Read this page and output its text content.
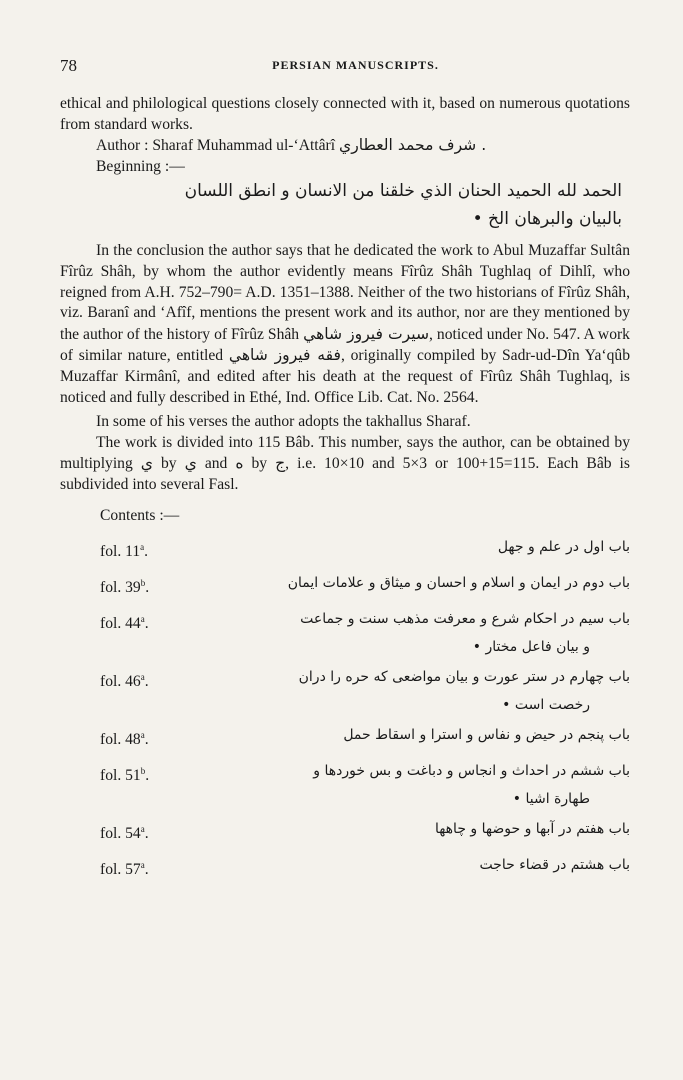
78	PERSIAN MANUSCRIPTS.

ethical and philological questions closely connected with it, based on numerous quotations from standard works.

Author : Sharaf Muhammad ul-‘Attârî شرف محمد العطاري .

Beginning :—

الحمد لله الحميد الحنان الذي خلقنا من الانسان و انطق اللسان
بالبيان والبرهان الخ •

In the conclusion the author says that he dedicated the work to Abul Muzaffar Sultân Fîrûz Shâh, by whom the author evidently means Fîrûz Shâh Tughlaq of Dihlî, who reigned from A.H. 752–790= A.D. 1351–1388. Neither of the two historians of Fîrûz Shâh, viz. Baranî and ‘Afîf, mentions the present work and its author, nor are they mentioned by the author of the history of Fîrûz Shâh سيرت فيروز شاهي, noticed under No. 547. A work of similar nature, entitled فقه فيروز شاهي, originally compiled by Sadr-ud-Dîn Ya‘qûb Muzaffar Kirmânî, and edited after his death at the request of Fîrûz Shâh Tughlaq, is noticed and fully described in Ethé, Ind. Office Lib. Cat. No. 2564.

In some of his verses the author adopts the takhallus Sharaf.

The work is divided into 115 Bâb. This number, says the author, can be obtained by multiplying ي by ي and ه by ج, i.e. 10×10 and 5×3 or 100+15=115. Each Bâb is subdivided into several Fasl.

Contents :—
fol. 11$^a$.	باب اول در علم و جهل
fol. 39$^b$.	باب دوم در ایمان و اسلام و احسان و میثاق و علامات ایمان
fol. 44$^a$.	باب سیم در احکام شرع و معرفت مذهب سنت و جماعت
و بیان فاعل مختار •
fol. 46$^a$.	باب چهارم در ستر عورت و بیان مواضعی که حره را دران
رخصت است •
fol. 48$^a$.	باب پنجم در حیض و نفاس و استرا و اسقاط حمل
fol. 51$^b$.	باب ششم در احداث و انجاس و دباغت و بس خوردها و
طهارة اشیا •
fol. 54$^a$.	باب هفتم در آبها و حوضها و چاهها
fol. 57$^a$.	باب هشتم در قضاء حاجت
